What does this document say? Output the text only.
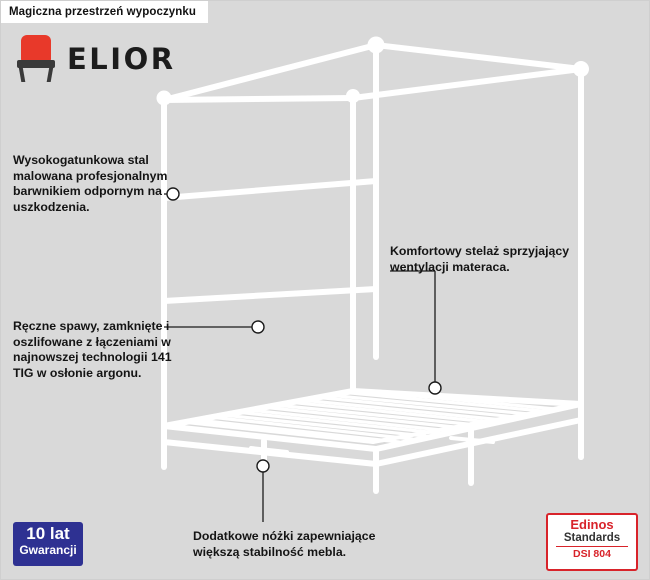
Magiczna przestrzeń wypoczynku
ELIOR
Wysokogatunkowa stal malowana profesjonalnym barwnikiem odpornym na uszkodzenia.
Ręczne spawy, zamknięte i oszlifowane z łączeniami w najnowszej technologii 141 TIG w osłonie argonu.
Komfortowy stelaż sprzyjający wentylacji materaca.
Dodatkowe nóżki zapewniające większą stabilność mebla.
10 lat
Gwarancji
Edinos
Standards
DSI 804
